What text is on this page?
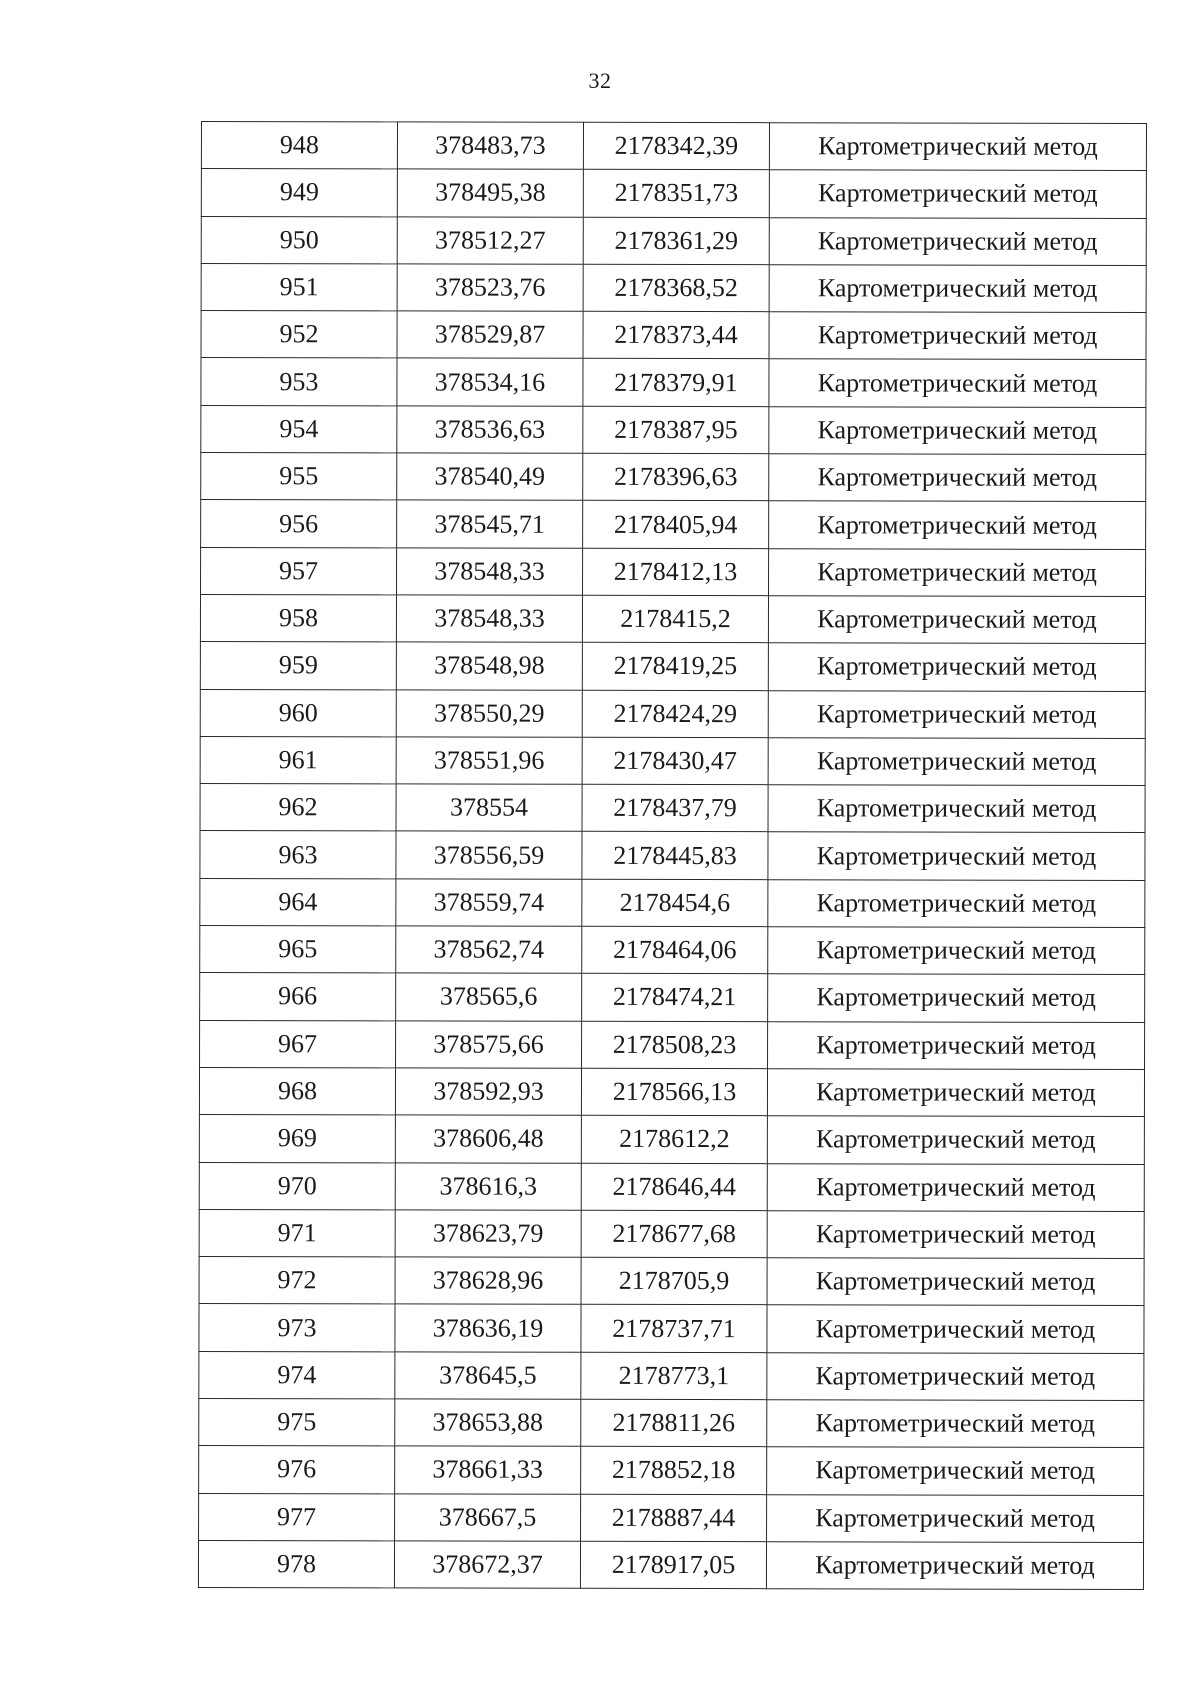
32
948	378483,73	2178342,39	Картометрический метод
949	378495,38	2178351,73	Картометрический метод
950	378512,27	2178361,29	Картометрический метод
951	378523,76	2178368,52	Картометрический метод
952	378529,87	2178373,44	Картометрический метод
953	378534,16	2178379,91	Картометрический метод
954	378536,63	2178387,95	Картометрический метод
955	378540,49	2178396,63	Картометрический метод
956	378545,71	2178405,94	Картометрический метод
957	378548,33	2178412,13	Картометрический метод
958	378548,33	2178415,2	Картометрический метод
959	378548,98	2178419,25	Картометрический метод
960	378550,29	2178424,29	Картометрический метод
961	378551,96	2178430,47	Картометрический метод
962	378554	2178437,79	Картометрический метод
963	378556,59	2178445,83	Картометрический метод
964	378559,74	2178454,6	Картометрический метод
965	378562,74	2178464,06	Картометрический метод
966	378565,6	2178474,21	Картометрический метод
967	378575,66	2178508,23	Картометрический метод
968	378592,93	2178566,13	Картометрический метод
969	378606,48	2178612,2	Картометрический метод
970	378616,3	2178646,44	Картометрический метод
971	378623,79	2178677,68	Картометрический метод
972	378628,96	2178705,9	Картометрический метод
973	378636,19	2178737,71	Картометрический метод
974	378645,5	2178773,1	Картометрический метод
975	378653,88	2178811,26	Картометрический метод
976	378661,33	2178852,18	Картометрический метод
977	378667,5	2178887,44	Картометрический метод
978	378672,37	2178917,05	Картометрический метод
